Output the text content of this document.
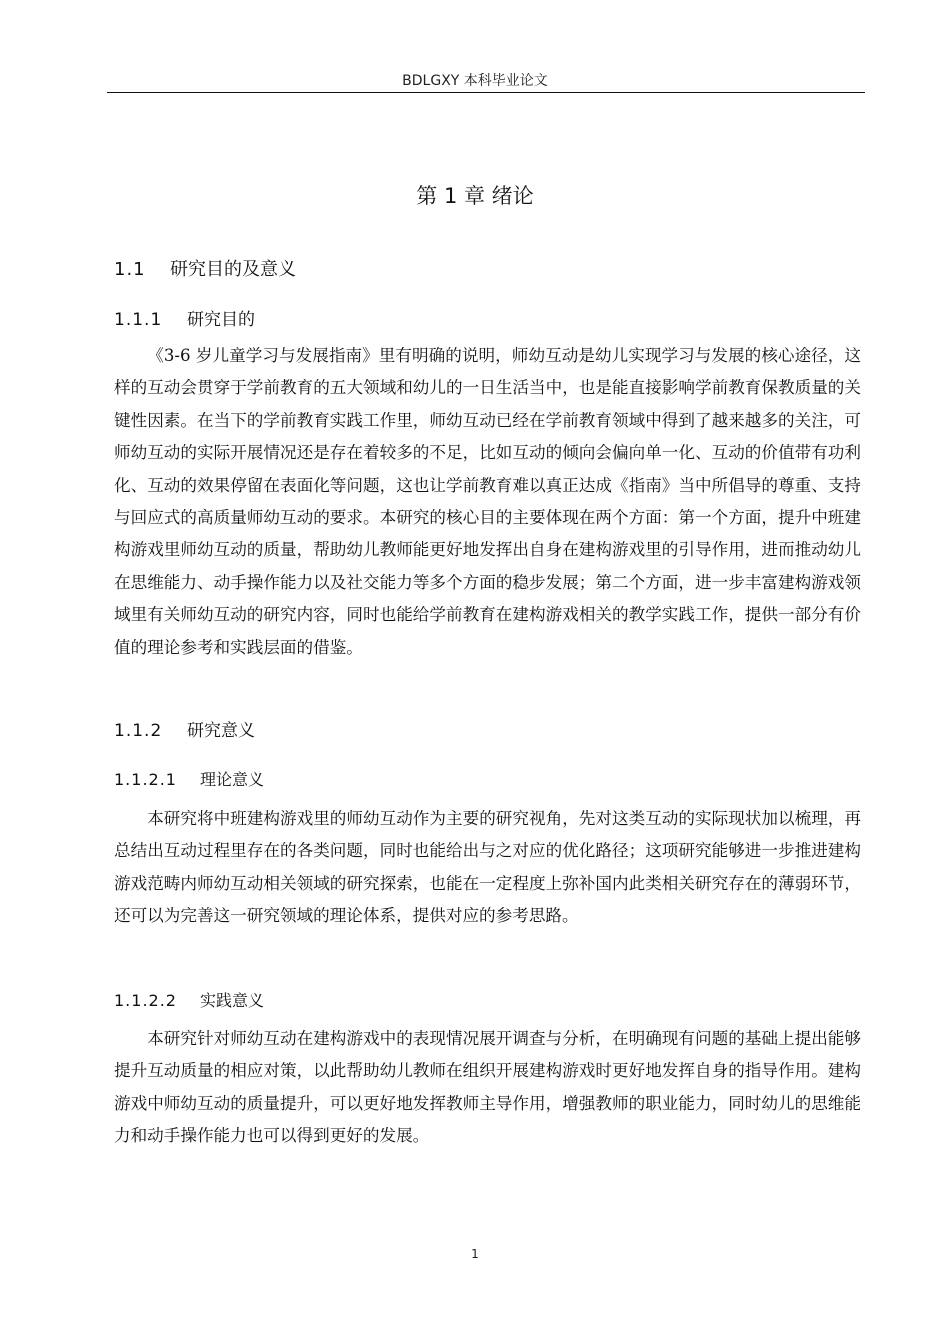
BDLGXY 本科毕业论文
第 1 章 绪论
1.1 研究目的及意义
1.1.1 研究目的

《3-6 岁儿童学习与发展指南》里有明确的说明，师幼互动是幼儿实现学习与发展的核心途径，这样的互动会贯穿于学前教育的五大领域和幼儿的一日生活当中，也是能直接影响学前教育保教质量的关键性因素。在当下的学前教育实践工作里，师幼互动已经在学前教育领域中得到了越来越多的关注，可师幼互动的实际开展情况还是存在着较多的不足，比如互动的倾向会偏向单一化、互动的价值带有功利化、互动的效果停留在表面化等问题，这也让学前教育难以真正达成《指南》当中所倡导的尊重、支持与回应式的高质量师幼互动的要求。本研究的核心目的主要体现在两个方面：第一个方面，提升中班建构游戏里师幼互动的质量，帮助幼儿教师能更好地发挥出自身在建构游戏里的引导作用，进而推动幼儿在思维能力、动手操作能力以及社交能力等多个方面的稳步发展；第二个方面，进一步丰富建构游戏领域里有关师幼互动的研究内容，同时也能给学前教育在建构游戏相关的教学实践工作，提供一部分有价值的理论参考和实践层面的借鉴。

1.1.2 研究意义
1.1.2.1 理论意义

本研究将中班建构游戏里的师幼互动作为主要的研究视角，先对这类互动的实际现状加以梳理，再总结出互动过程里存在的各类问题，同时也能给出与之对应的优化路径；这项研究能够进一步推进建构游戏范畴内师幼互动相关领域的研究探索，也能在一定程度上弥补国内此类相关研究存在的薄弱环节，还可以为完善这一研究领域的理论体系，提供对应的参考思路。

1.1.2.2 实践意义

本研究针对师幼互动在建构游戏中的表现情况展开调查与分析，在明确现有问题的基础上提出能够提升互动质量的相应对策，以此帮助幼儿教师在组织开展建构游戏时更好地发挥自身的指导作用。建构游戏中师幼互动的质量提升，可以更好地发挥教师主导作用，增强教师的职业能力，同时幼儿的思维能力和动手操作能力也可以得到更好的发展。

1
